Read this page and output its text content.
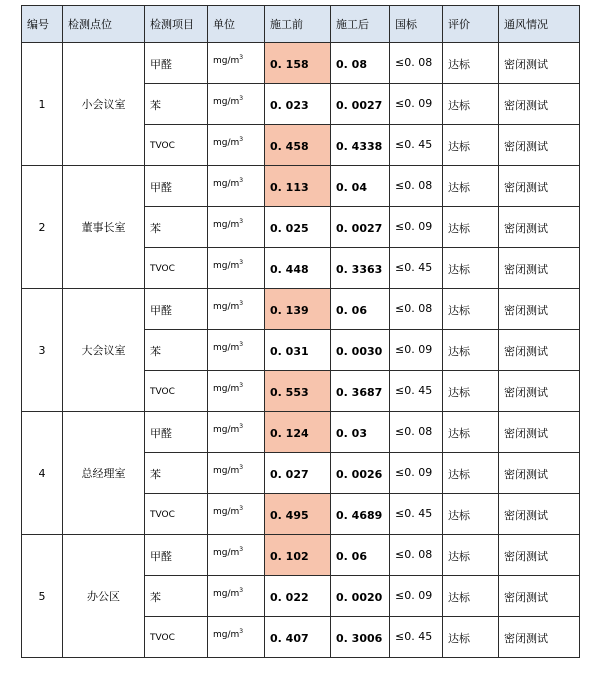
编号	检测点位	检测项目	单位	施工前	施工后	国标	评价	通风情况
1	小会议室	甲醛	$mg/m^3$	0. 158	0. 08	≤0. 08	达标	密闭测试
		苯	$mg/m^3$	0. 023	0. 0027	≤0. 09	达标	密闭测试
		TVOC	$mg/m^3$	0. 458	0. 4338	≤0. 45	达标	密闭测试
2	董事长室	甲醛	$mg/m^3$	0. 113	0. 04	≤0. 08	达标	密闭测试
		苯	$mg/m^3$	0. 025	0. 0027	≤0. 09	达标	密闭测试
		TVOC	$mg/m^3$	0. 448	0. 3363	≤0. 45	达标	密闭测试
3	大会议室	甲醛	$mg/m^3$	0. 139	0. 06	≤0. 08	达标	密闭测试
		苯	$mg/m^3$	0. 031	0. 0030	≤0. 09	达标	密闭测试
		TVOC	$mg/m^3$	0. 553	0. 3687	≤0. 45	达标	密闭测试
4	总经理室	甲醛	$mg/m^3$	0. 124	0. 03	≤0. 08	达标	密闭测试
		苯	$mg/m^3$	0. 027	0. 0026	≤0. 09	达标	密闭测试
		TVOC	$mg/m^3$	0. 495	0. 4689	≤0. 45	达标	密闭测试
5	办公区	甲醛	$mg/m^3$	0. 102	0. 06	≤0. 08	达标	密闭测试
		苯	$mg/m^3$	0. 022	0. 0020	≤0. 09	达标	密闭测试
		TVOC	$mg/m^3$	0. 407	0. 3006	≤0. 45	达标	密闭测试
